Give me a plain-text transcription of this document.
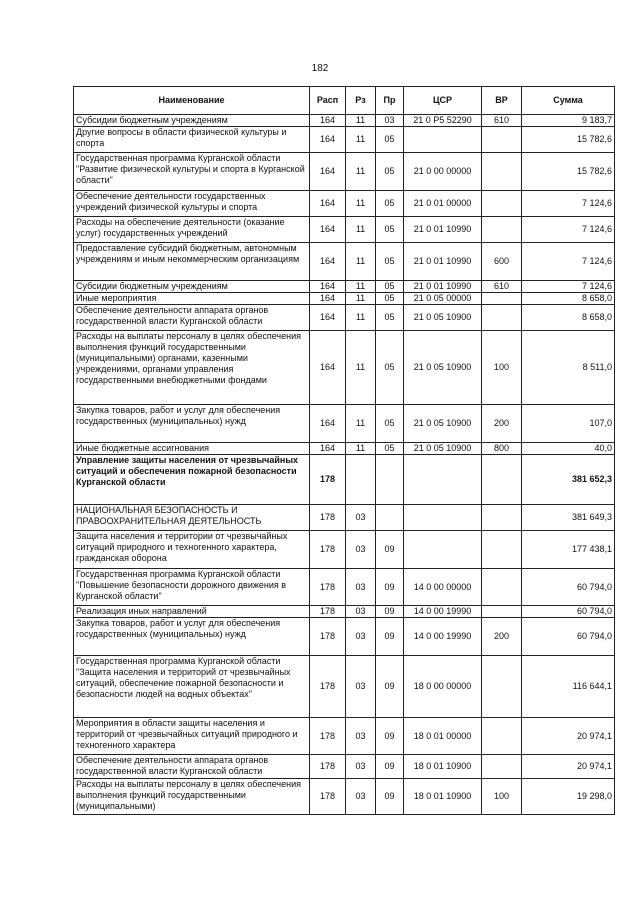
182
Наименование	Расп	Рз	Пр	ЦСР	ВР	Сумма
Субсидии бюджетным учреждениям	164	11	03	21 0 P5 52290	610	9 183,7
Другие вопросы в области физической культуры и спорта	164	11	05			15 782,6
Государственная программа Курганской области "Развитие физической культуры и спорта в Курганской области"	164	11	05	21 0 00 00000		15 782,6
Обеспечение деятельности государственных учреждений физической культуры и спорта	164	11	05	21 0 01 00000		7 124,6
Расходы на обеспечение деятельности (оказание услуг) государственных учреждений	164	11	05	21 0 01 10990		7 124,6
Предоставление субсидий бюджетным, автономным учреждениям и иным некоммерческим организациям	164	11	05	21 0 01 10990	600	7 124,6
Субсидии бюджетным учреждениям	164	11	05	21 0 01 10990	610	7 124,6
Иные мероприятия	164	11	05	21 0 05 00000		8 658,0
Обеспечение деятельности аппарата органов государственной власти Курганской области	164	11	05	21 0 05 10900		8 658,0
Расходы на выплаты персоналу в целях обеспечения выполнения функций государственными (муниципальными) органами, казенными учреждениями, органами управления государственными внебюджетными фондами	164	11	05	21 0 05 10900	100	8 511,0
Закупка товаров, работ и услуг для обеспечения государственных (муниципальных) нужд	164	11	05	21 0 05 10900	200	107,0
Иные бюджетные ассигнования	164	11	05	21 0 05 10900	800	40,0
Управление защиты населения от чрезвычайных ситуаций и обеспечения пожарной безопасности Курганской области	178					381 652,3
НАЦИОНАЛЬНАЯ БЕЗОПАСНОСТЬ И ПРАВООХРАНИТЕЛЬНАЯ ДЕЯТЕЛЬНОСТЬ	178	03				381 649,3
Защита населения и территории от чрезвычайных ситуаций природного и техногенного характера, гражданская оборона	178	03	09			177 438,1
Государственная программа Курганской области "Повышение безопасности дорожного движения в Курганской области"	178	03	09	14 0 00 00000		60 794,0
Реализация иных направлений	178	03	09	14 0 00 19990		60 794,0
Закупка товаров, работ и услуг для обеспечения государственных (муниципальных) нужд	178	03	09	14 0 00 19990	200	60 794,0
Государственная программа Курганской области "Защита населения и территорий от чрезвычайных ситуаций, обеспечение пожарной безопасности и безопасности людей на водных объектах"	178	03	09	18 0 00 00000		116 644,1
Мероприятия в области защиты населения и территорий от чрезвычайных ситуаций природного и техногенного характера	178	03	09	18 0 01 00000		20 974,1
Обеспечение деятельности аппарата органов государственной власти Курганской области	178	03	09	18 0 01 10900		20 974,1
Расходы на выплаты персоналу в целях обеспечения выполнения функций государственными (муниципальными)	178	03	09	18 0 01 10900	100	19 298,0
